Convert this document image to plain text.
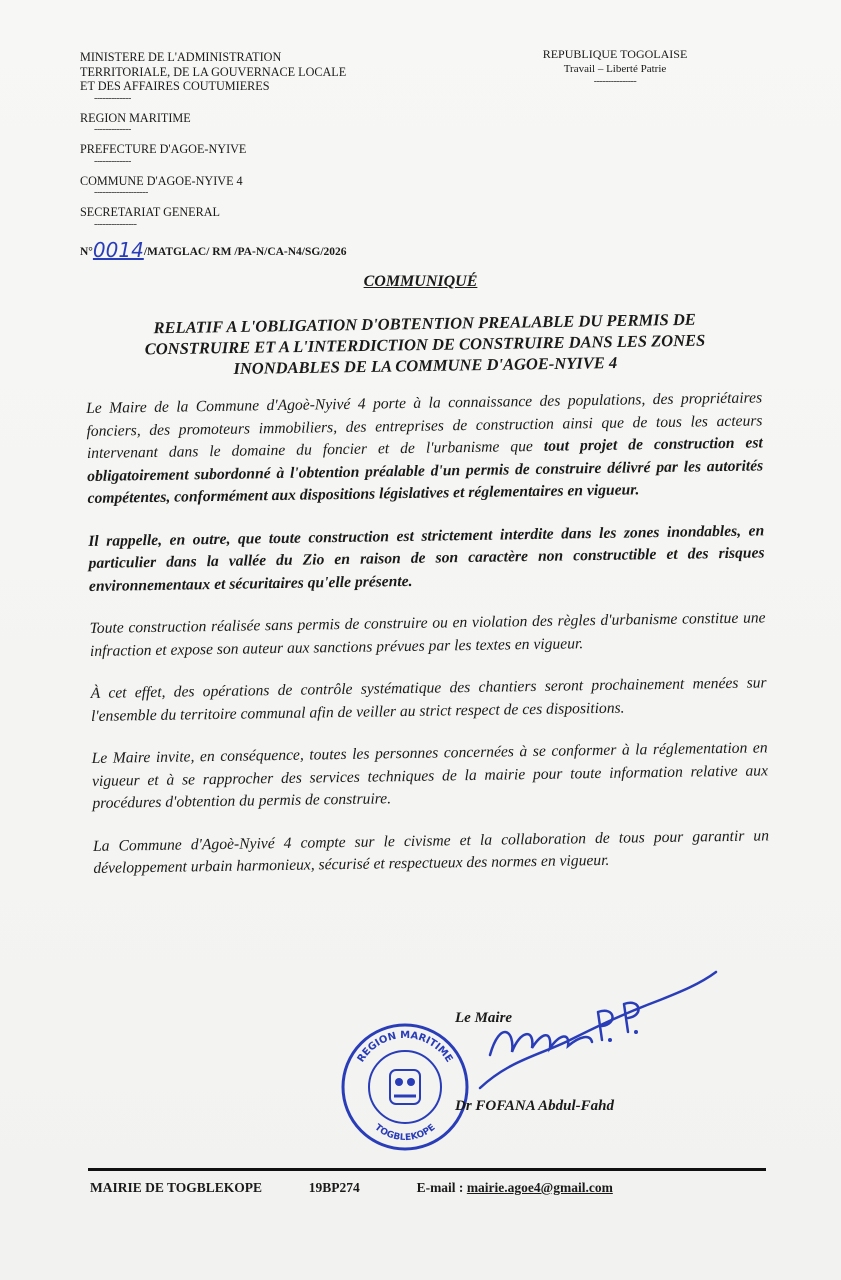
MINISTERE DE L'ADMINISTRATION
TERRITORIALE, DE LA GOUVERNACE LOCALE
ET DES AFFAIRES COUTUMIERES
-------------
REGION MARITIME
-------------
PREFECTURE D'AGOE-NYIVE
-------------
COMMUNE D'AGOE-NYIVE 4
-------------------
SECRETARIAT GENERAL
---------------
REPUBLIQUE TOGOLAISE
Travail – Liberté Patrie
---------------
N°0014/MATGLAC/ RM /PA-N/CA-N4/SG/2026
COMMUNIQUÉ
RELATIF A L'OBLIGATION D'OBTENTION PREALABLE DU PERMIS DE
CONSTRUIRE ET A L'INTERDICTION DE CONSTRUIRE DANS LES ZONES
INONDABLES DE LA COMMUNE D'AGOE-NYIVE 4

Le Maire de la Commune d'Agoè-Nyivé 4 porte à la connaissance des populations, des propriétaires fonciers, des promoteurs immobiliers, des entreprises de construction ainsi que de tous les acteurs intervenant dans le domaine du foncier et de l'urbanisme que tout projet de construction est obligatoirement subordonné à l'obtention préalable d'un permis de construire délivré par les autorités compétentes, conformément aux dispositions législatives et réglementaires en vigueur.

Il rappelle, en outre, que toute construction est strictement interdite dans les zones inondables, en particulier dans la vallée du Zio en raison de son caractère non constructible et des risques environnementaux et sécuritaires qu'elle présente.

Toute construction réalisée sans permis de construire ou en violation des règles d'urbanisme constitue une infraction et expose son auteur aux sanctions prévues par les textes en vigueur.

À cet effet, des opérations de contrôle systématique des chantiers seront prochainement menées sur l'ensemble du territoire communal afin de veiller au strict respect de ces dispositions.

Le Maire invite, en conséquence, toutes les personnes concernées à se conformer à la réglementation en vigueur et à se rapprocher des services techniques de la mairie pour toute information relative aux procédures d'obtention du permis de construire.

La Commune d'Agoè-Nyivé 4 compte sur le civisme et la collaboration de tous pour garantir un développement urbain harmonieux, sécurisé et respectueux des normes en vigueur.

Le Maire
REGION MARITIME
TOGBLEKOPE
Dr FOFANA Abdul-Fahd
MAIRIE DE TOGBLEKOPE	19BP274	E-mail : mairie.agoe4@gmail.com
